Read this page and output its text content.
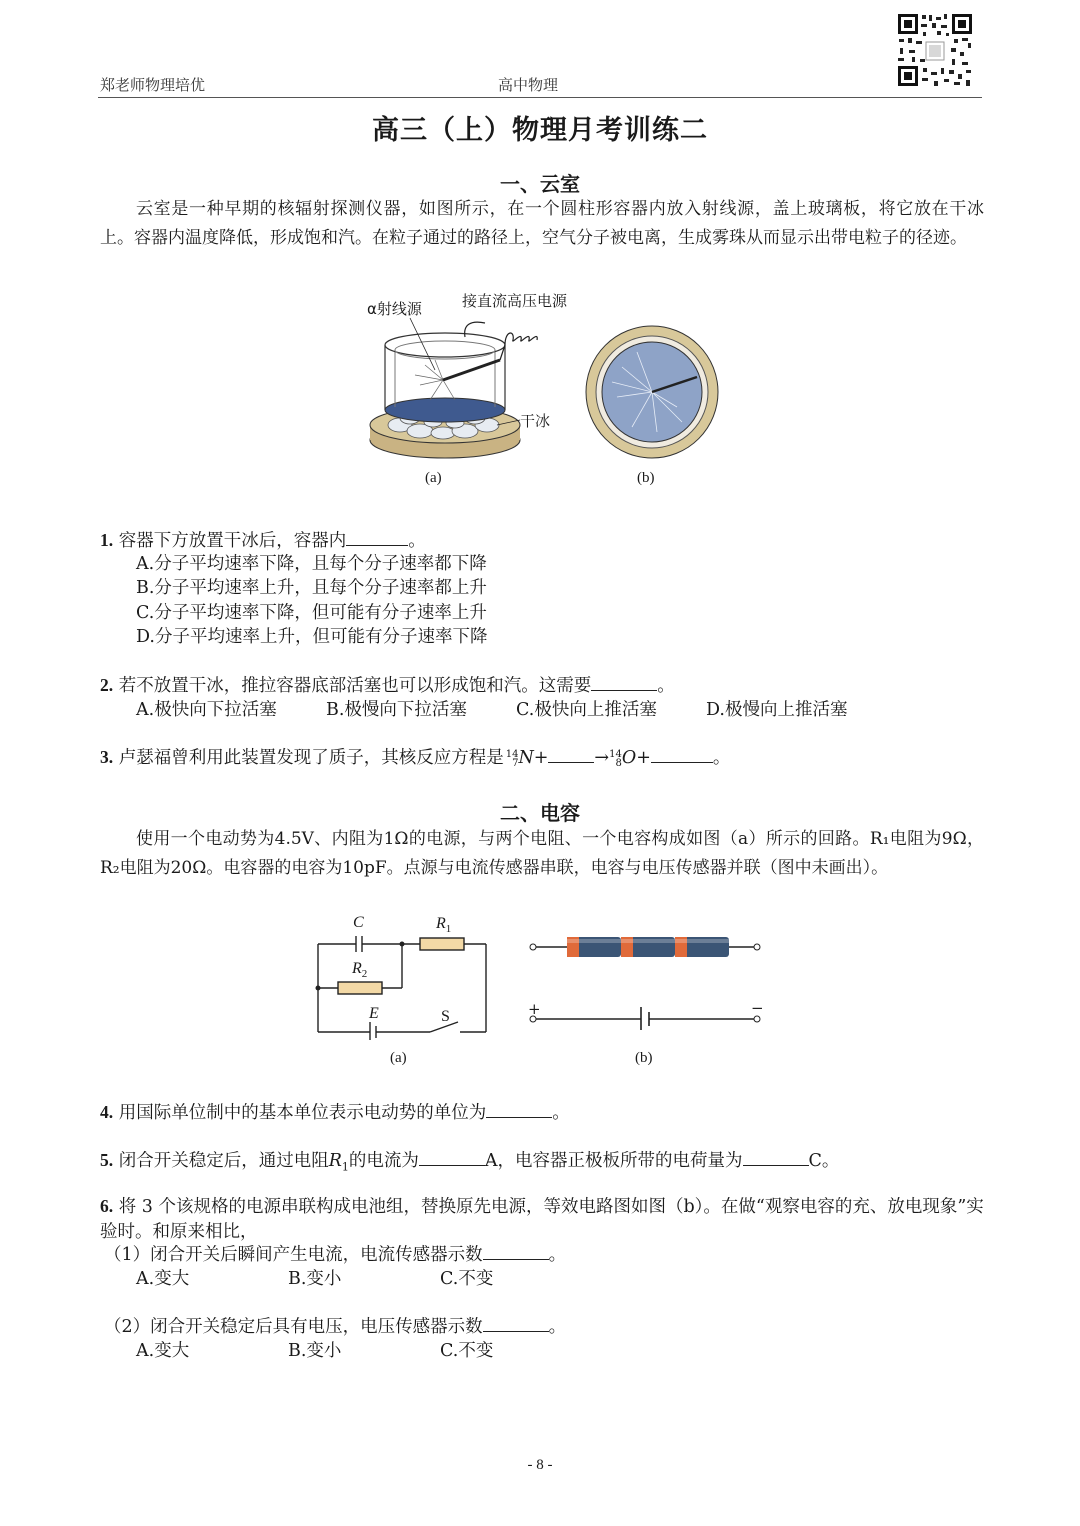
郑老师物理培优	高中物理
高三（上）物理月考训练二
一、云室
云室是一种早期的核辐射探测仪器，如图所示，在一个圆柱形容器内放入射线源，盖上玻璃板，将它放在干冰上。容器内温度降低，形成饱和汽。在粒子通过的路径上，空气分子被电离，生成雾珠从而显示出带电粒子的径迹。
α射线源	接直流高压电源
干冰
(a)	(b)
1. 容器下方放置干冰后，容器内	。
A.分子平均速率下降，且每个分子速率都下降
B.分子平均速率上升，且每个分子速率都上升
C.分子平均速率下降，但可能有分子速率上升
D.分子平均速率上升，但可能有分子速率下降
2. 若不放置干冰，推拉容器底部活塞也可以形成饱和汽。这需要	。
A.极快向下拉活塞	B.极慢向下拉活塞	C.极快向上推活塞	D.极慢向上推活塞
3. 卢瑟福曾利用此装置发现了质子，其核反应方程是 14
7 N+	→ 14
8 O+	。
二、电容
使用一个电动势为4.5V、内阻为1Ω的电源，与两个电阻、一个电容构成如图（a）所示的回路。R₁电阻为9Ω，R₂电阻为20Ω。电容器的电容为10pF。点源与电流传感器串联，电容与电压传感器并联（图中未画出）。
C	$R_1$
$R_2$
E	S
(a)
+	−
(b)
4. 用国际单位制中的基本单位表示电动势的单位为	。
5. 闭合开关稳定后，通过电阻$R_1$的电流为	A，电容器正极板所带的电荷量为	C。
6. 将 3 个该规格的电源串联构成电池组，替换原先电源，等效电路图如图（b）。在做“观察电容的充、放电现象”实验时。和原来相比，
（1）闭合开关后瞬间产生电流，电流传感器示数	。
A.变大	B.变小	C.不变
（2）闭合开关稳定后具有电压，电压传感器示数	。
A.变大	B.变小	C.不变
- 8 -
